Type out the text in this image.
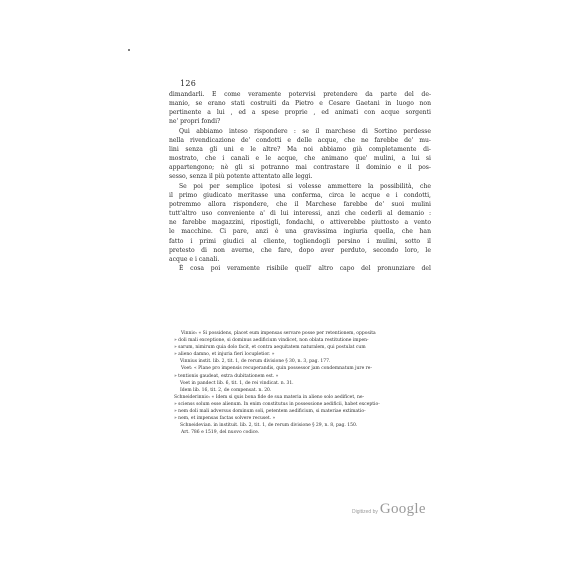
126

dimandarli. E come veramente potervisi pretendere da parte del de-

manio, se erano stati costruiti da Pietro e Cesare Gaetani in luogo non

pertinente a lui , ed a spese proprie , ed animati con acque sorgenti

ne' propri fondi?

Qui abbiamo inteso rispondere : se il marchese di Sortino perdesse

nella rivendicazione de' condotti e delle acque, che ne farebbe de' mu-

lini senza gli uni e le altre? Ma noi abbiamo già completamente di-

mostrato, che i canali e le acque, che animano que' mulini, a lui si

appartengono; nè gli si potranno mai contrastare il dominio e il pos-

sesso, senza il più potente attentato alle leggi.

Se poi per semplice ipotesi si volesse ammettere la possibilità, che

il primo giudicato meritasse una conferma, circa le acque e i condotti,

potremmo allora rispondere, che il Marchese farebbe de' suoi mulini

tutt'altro uso conveniente a' di lui interessi, anzi che cederli al demanio :

ne farebbe magazzini, ripostigli, fondachi, o attiverebbe piuttosto a vento

le macchine. Ci pare, anzi è una gravissima ingiuria quella, che han

fatto i primi giudici al cliente, togliendogli persino i mulini, sotto il

pretesto di non averne, che fare, dopo aver perduto, secondo loro, le

acque e i canali.

È cosa poi veramente risibile quell' altro capo del pronunziare del

Vinnio: « Si possidens, placet eum impensas servare posse per retentionem, opposita

» doli mali exceptione, si dominus aedificium vindicet, non oblata restitutione impen-

» sarum, nimirum quia dolo facit, et contra aequitatem naturalem, qui postulat cum

» alieno damno, et injuria fieri locupletior. »

Vinnius instit. lib. 2, tit. 1, de rerum divisione § 30, n. 3, pag. 177.

Voet: « Plane pro impensis recuperandis, quin possessor jam condemnatum jure re-

» tentionis gaudeat, extra dubitationem est. »

Voet in pandect lib. 6, tit. 1, de rei vindicat. n. 31.

Idem lib. 16, tit. 2, de compensat. n. 20.

Schneiderinnio: « Idem si quis bona fide de sua materia in alieno solo aedificet, ne-

» scienss solum esse alienum. In enim constitutus in possessione aedificii, habet exceptio-

» nem doli mali adversus dominum soli, petentem aedificium, si materiae extimatio-

» nem, et impensas factas solvere recuset. »

Schneidevian. in instituit. lib. 2, tit. 1, de rerum divisione § 29, n. 8, pag. 150.

Art. 786 e 1519, del nuovo codice.

Digitized by Google
